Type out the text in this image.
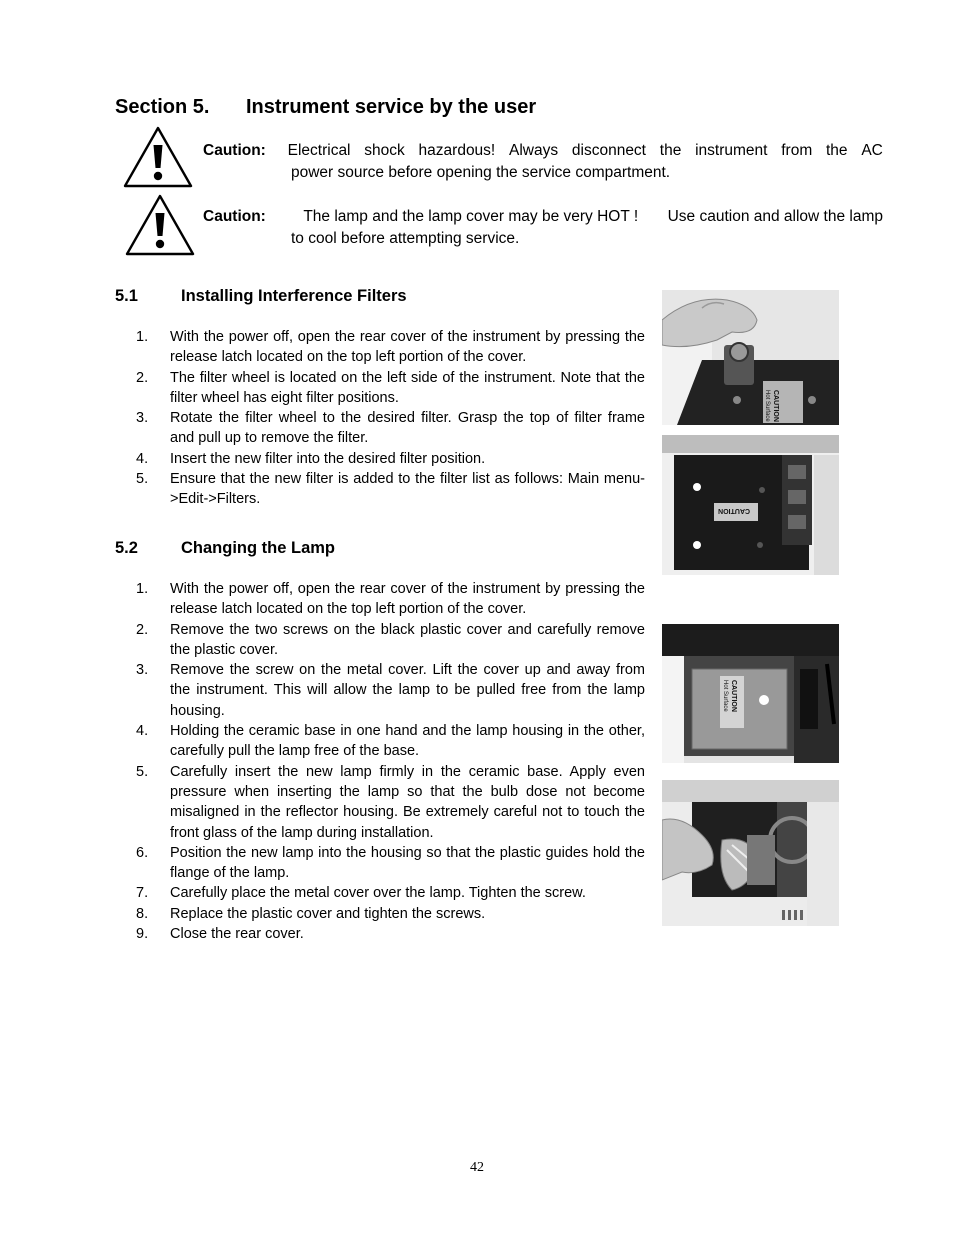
Section 5. Instrument service by the user
Caution: Electrical shock hazardous! Always disconnect the instrument from the AC
power source before opening the service compartment.
Caution: The lamp and the lamp cover may be very HOT ! Use caution and allow the lamp
to cool before attempting service.
5.1	Installing Interference Filters
1.	With the power off, open the rear cover of the instrument by pressing the release latch located on the top left portion of the cover.
2.	The filter wheel is located on the left side of the instrument. Note that the filter wheel has eight filter positions.
3.	Rotate the filter wheel to the desired filter. Grasp the top of filter frame and pull up to remove the filter.
4.	Insert the new filter into the desired filter position.
5.	Ensure that the new filter is added to the filter list as follows: Main menu->Edit->Filters.
5.2	Changing the Lamp
1.	With the power off, open the rear cover of the instrument by pressing the release latch located on the top left portion of the cover.
2.	Remove the two screws on the black plastic cover and carefully remove the plastic cover.
3.	Remove the screw on the metal cover. Lift the cover up and away from the instrument. This will allow the lamp to be pulled free from the lamp housing.
4.	Holding the ceramic base in one hand and the lamp housing in the other, carefully pull the lamp free of the base.
5.	Carefully insert the new lamp firmly in the ceramic base. Apply even pressure when inserting the lamp so that the bulb dose not become misaligned in the reflector housing. Be extremely careful not to touch the front glass of the lamp during installation.
6.	Position the new lamp into the housing so that the plastic guides hold the flange of the lamp.
7.	Carefully place the metal cover over the lamp. Tighten the screw.
8.	Replace the plastic cover and tighten the screws.
9.	Close the rear cover.
CAUTION
Hot Surface
CAUTION
CAUTION
Hot Surface
42
